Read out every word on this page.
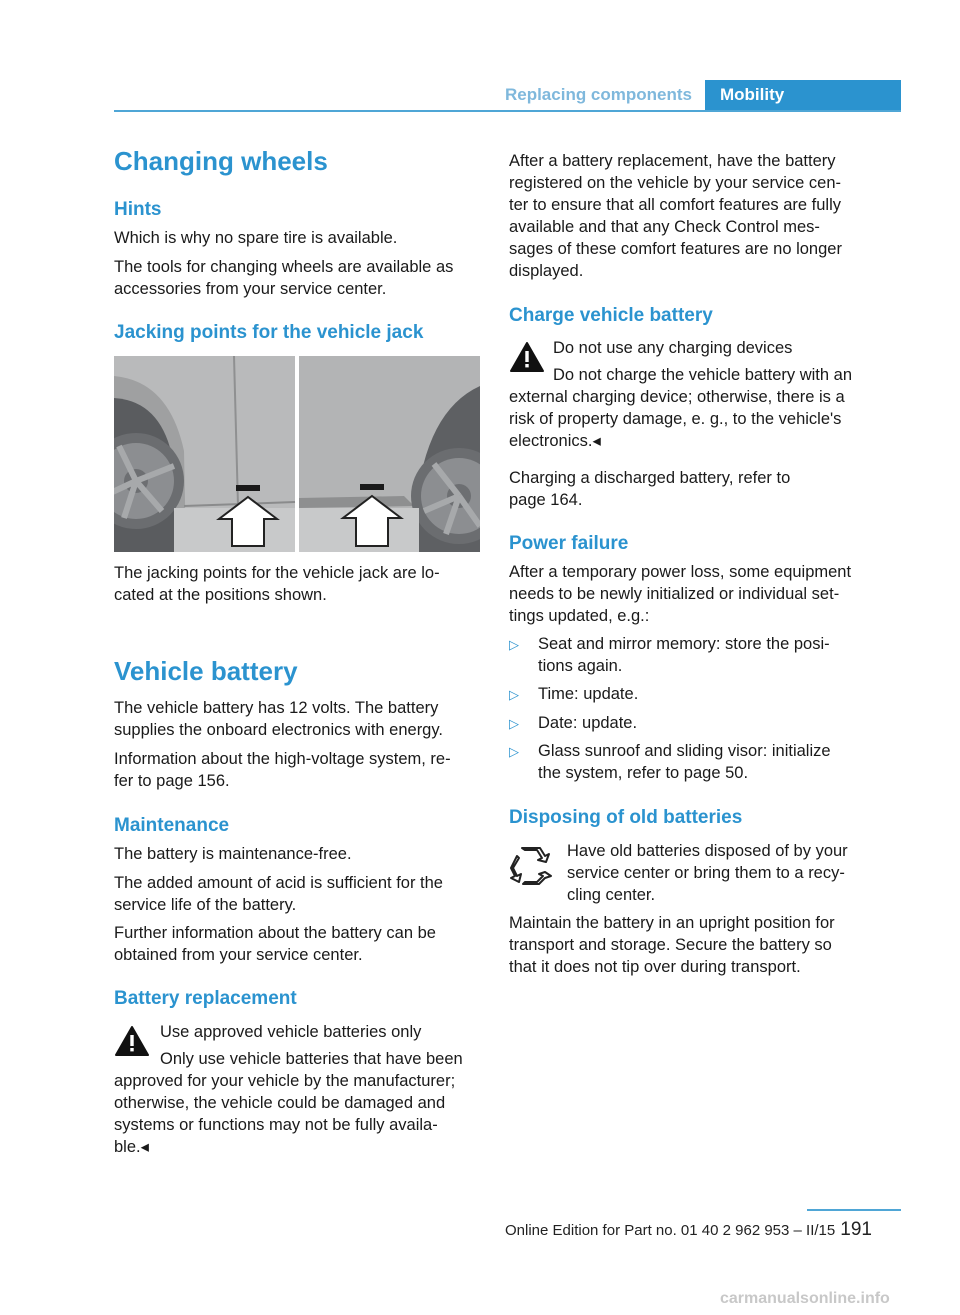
Replacing components	Mobility
Changing wheels
Hints
Which is why no spare tire is available.
The tools for changing wheels are available as
accessories from your service center.
Jacking points for the vehicle jack
The jacking points for the vehicle jack are lo-
cated at the positions shown.
Vehicle battery
The vehicle battery has 12 volts. The battery
supplies the onboard electronics with energy.
Information about the high-voltage system, re-
fer to page 156.
Maintenance
The battery is maintenance-free.
The added amount of acid is sufficient for the
service life of the battery.
Further information about the battery can be
obtained from your service center.
Battery replacement
Use approved vehicle batteries only
Only use vehicle batteries that have been
approved for your vehicle by the manufacturer;
otherwise, the vehicle could be damaged and
systems or functions may not be fully availa-
ble.◂
After a battery replacement, have the battery
registered on the vehicle by your service cen-
ter to ensure that all comfort features are fully
available and that any Check Control mes-
sages of these comfort features are no longer
displayed.
Charge vehicle battery
Do not use any charging devices
Do not charge the vehicle battery with an
external charging device; otherwise, there is a
risk of property damage, e. g., to the vehicle's
electronics.◂
Charging a discharged battery, refer to
page 164.
Power failure
After a temporary power loss, some equipment
needs to be newly initialized or individual set-
tings updated, e.g.:
▷ Seat and mirror memory: store the posi-
tions again.
▷ Time: update.
▷ Date: update.
▷ Glass sunroof and sliding visor: initialize
the system, refer to page 50.
Disposing of old batteries
Have old batteries disposed of by your
service center or bring them to a recy-
cling center.
Maintain the battery in an upright position for
transport and storage. Secure the battery so
that it does not tip over during transport.
Online Edition for Part no. 01 40 2 962 953 – II/15 191
carmanualsonline.info
